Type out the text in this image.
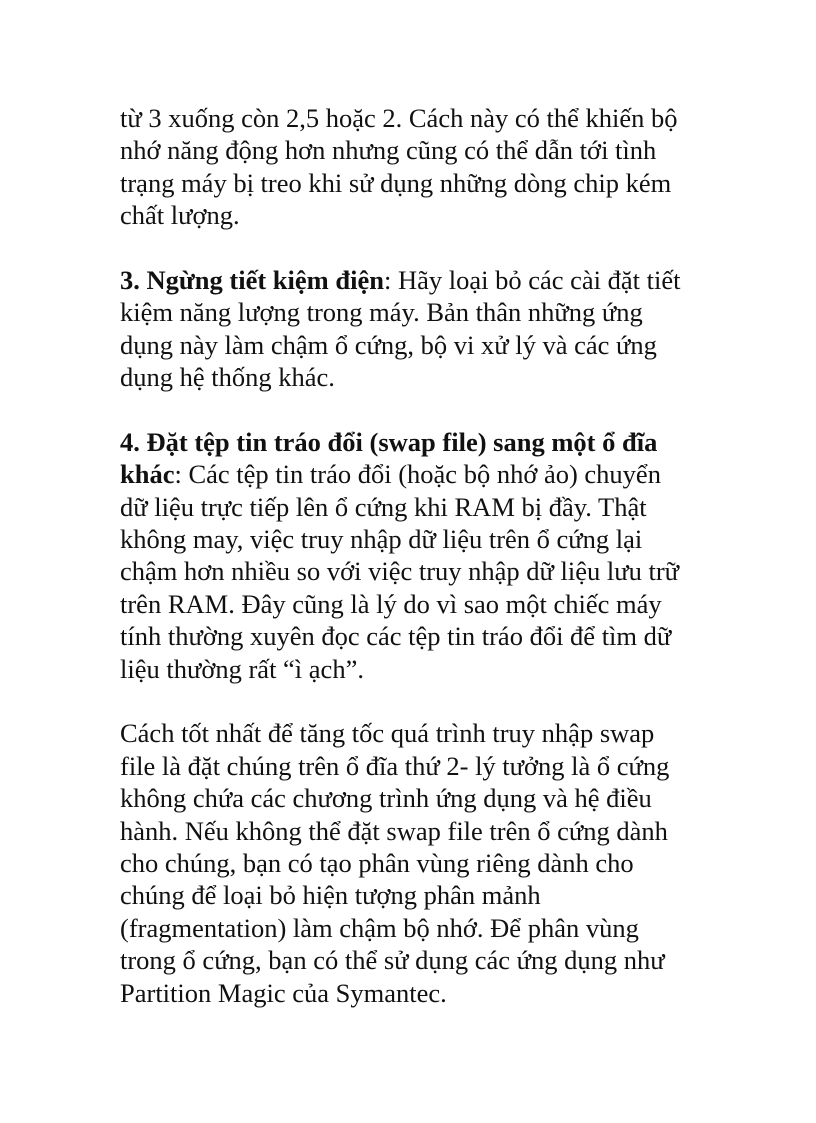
từ 3 xuống còn 2,5 hoặc 2. Cách này có thể khiến bộ
nhớ năng động hơn nhưng cũng có thể dẫn tới tình
trạng máy bị treo khi sử dụng những dòng chip kém
chất lượng.
3. Ngừng tiết kiệm điện: Hãy loại bỏ các cài đặt tiết
kiệm năng lượng trong máy. Bản thân những ứng
dụng này làm chậm ổ cứng, bộ vi xử lý và các ứng
dụng hệ thống khác.
4. Đặt tệp tin tráo đổi (swap file) sang một ổ đĩa
khác: Các tệp tin tráo đổi (hoặc bộ nhớ ảo) chuyển
dữ liệu trực tiếp lên ổ cứng khi RAM bị đầy. Thật
không may, việc truy nhập dữ liệu trên ổ cứng lại
chậm hơn nhiều so với việc truy nhập dữ liệu lưu trữ
trên RAM. Đây cũng là lý do vì sao một chiếc máy
tính thường xuyên đọc các tệp tin tráo đổi để tìm dữ
liệu thường rất “ì ạch”.
Cách tốt nhất để tăng tốc quá trình truy nhập swap
file là đặt chúng trên ổ đĩa thứ 2- lý tưởng là ổ cứng
không chứa các chương trình ứng dụng và hệ điều
hành. Nếu không thể đặt swap file trên ổ cứng dành
cho chúng, bạn có tạo phân vùng riêng dành cho
chúng để loại bỏ hiện tượng phân mảnh
(fragmentation) làm chậm bộ nhớ. Để phân vùng
trong ổ cứng, bạn có thể sử dụng các ứng dụng như
Partition Magic của Symantec.
